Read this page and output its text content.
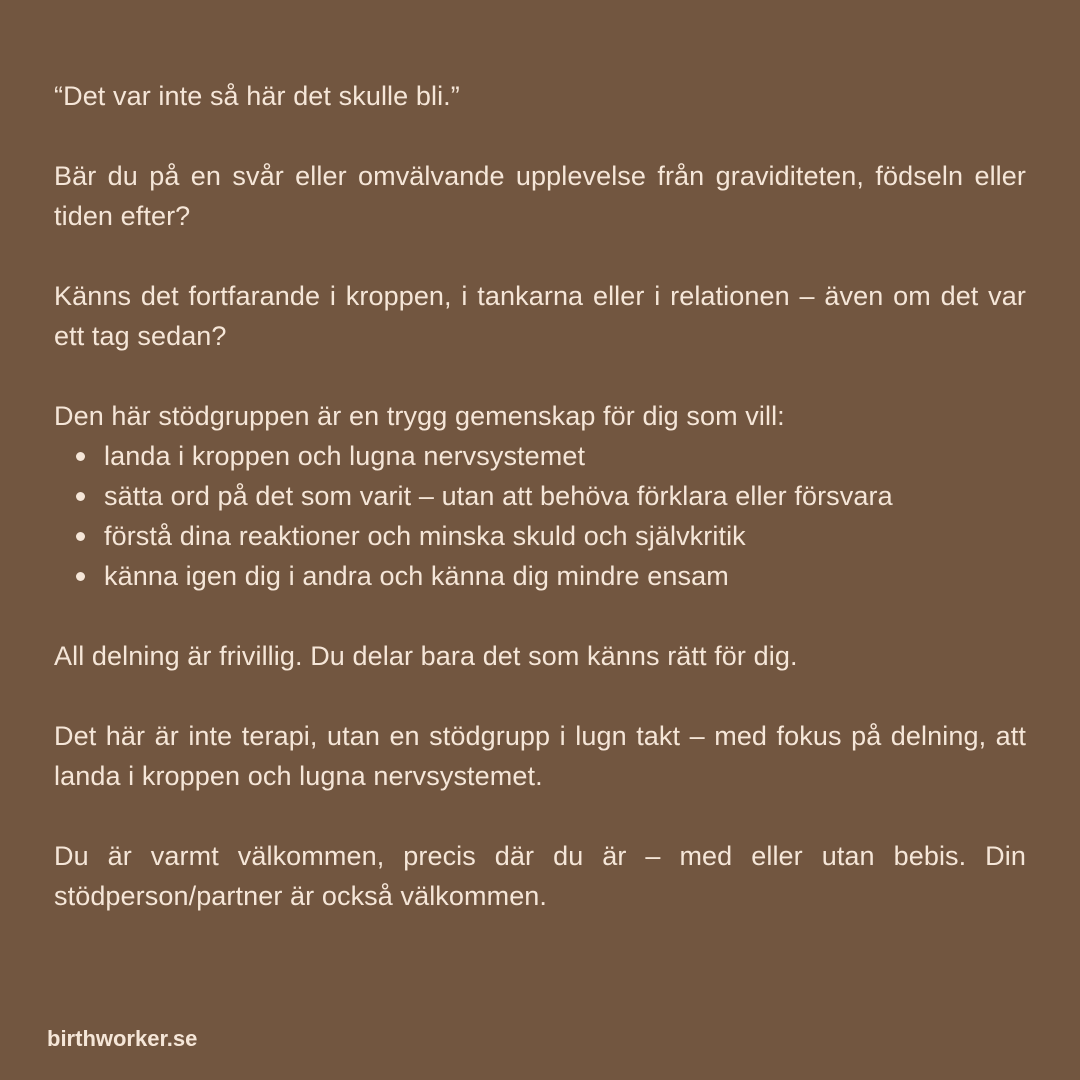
“Det var inte så här det skulle bli.”

Bär du på en svår eller omvälvande upplevelse från graviditeten, födseln eller tiden efter?

Känns det fortfarande i kroppen, i tankarna eller i relationen – även om det var ett tag sedan?

Den här stödgruppen är en trygg gemenskap för dig som vill:

landa i kroppen och lugna nervsystemet
sätta ord på det som varit – utan att behöva förklara eller försvara
förstå dina reaktioner och minska skuld och självkritik
känna igen dig i andra och känna dig mindre ensam

All delning är frivillig. Du delar bara det som känns rätt för dig.

Det här är inte terapi, utan en stödgrupp i lugn takt – med fokus på delning, att landa i kroppen och lugna nervsystemet.

Du är varmt välkommen, precis där du är – med eller utan bebis. Din stödperson/partner är också välkommen.

birthworker.se
